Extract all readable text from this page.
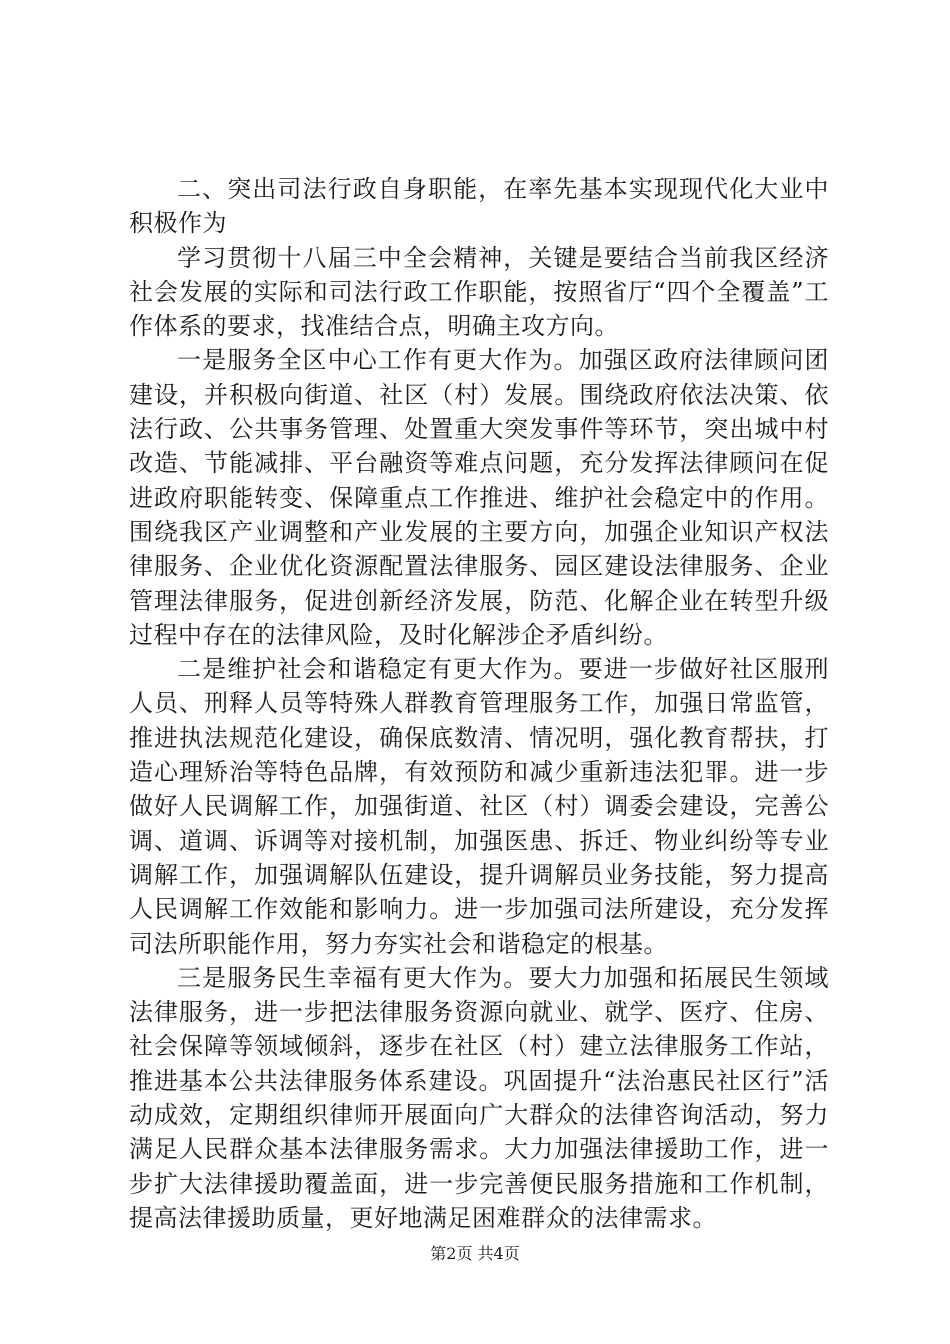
二、突出司法行政自身职能，在率先基本实现现代化大业中积极作为

学习贯彻十八届三中全会精神，关键是要结合当前我区经济社会发展的实际和司法行政工作职能，按照省厅“四个全覆盖”工作体系的要求，找准结合点，明确主攻方向。

一是服务全区中心工作有更大作为。加强区政府法律顾问团建设，并积极向街道、社区（村）发展。围绕政府依法决策、依法行政、公共事务管理、处置重大突发事件等环节，突出城中村改造、节能减排、平台融资等难点问题，充分发挥法律顾问在促进政府职能转变、保障重点工作推进、维护社会稳定中的作用。围绕我区产业调整和产业发展的主要方向，加强企业知识产权法律服务、企业优化资源配置法律服务、园区建设法律服务、企业管理法律服务，促进创新经济发展，防范、化解企业在转型升级过程中存在的法律风险，及时化解涉企矛盾纠纷。

二是维护社会和谐稳定有更大作为。要进一步做好社区服刑人员、刑释人员等特殊人群教育管理服务工作，加强日常监管，推进执法规范化建设，确保底数清、情况明，强化教育帮扶，打造心理矫治等特色品牌，有效预防和减少重新违法犯罪。进一步做好人民调解工作，加强街道、社区（村）调委会建设，完善公调、道调、诉调等对接机制，加强医患、拆迁、物业纠纷等专业调解工作，加强调解队伍建设，提升调解员业务技能，努力提高人民调解工作效能和影响力。进一步加强司法所建设，充分发挥司法所职能作用，努力夯实社会和谐稳定的根基。

三是服务民生幸福有更大作为。要大力加强和拓展民生领域法律服务，进一步把法律服务资源向就业、就学、医疗、住房、社会保障等领域倾斜，逐步在社区（村）建立法律服务工作站，推进基本公共法律服务体系建设。巩固提升“法治惠民社区行”活动成效，定期组织律师开展面向广大群众的法律咨询活动，努力满足人民群众基本法律服务需求。大力加强法律援助工作，进一步扩大法律援助覆盖面，进一步完善便民服务措施和工作机制，提高法律援助质量，更好地满足困难群众的法律需求。

第2页 共4页
